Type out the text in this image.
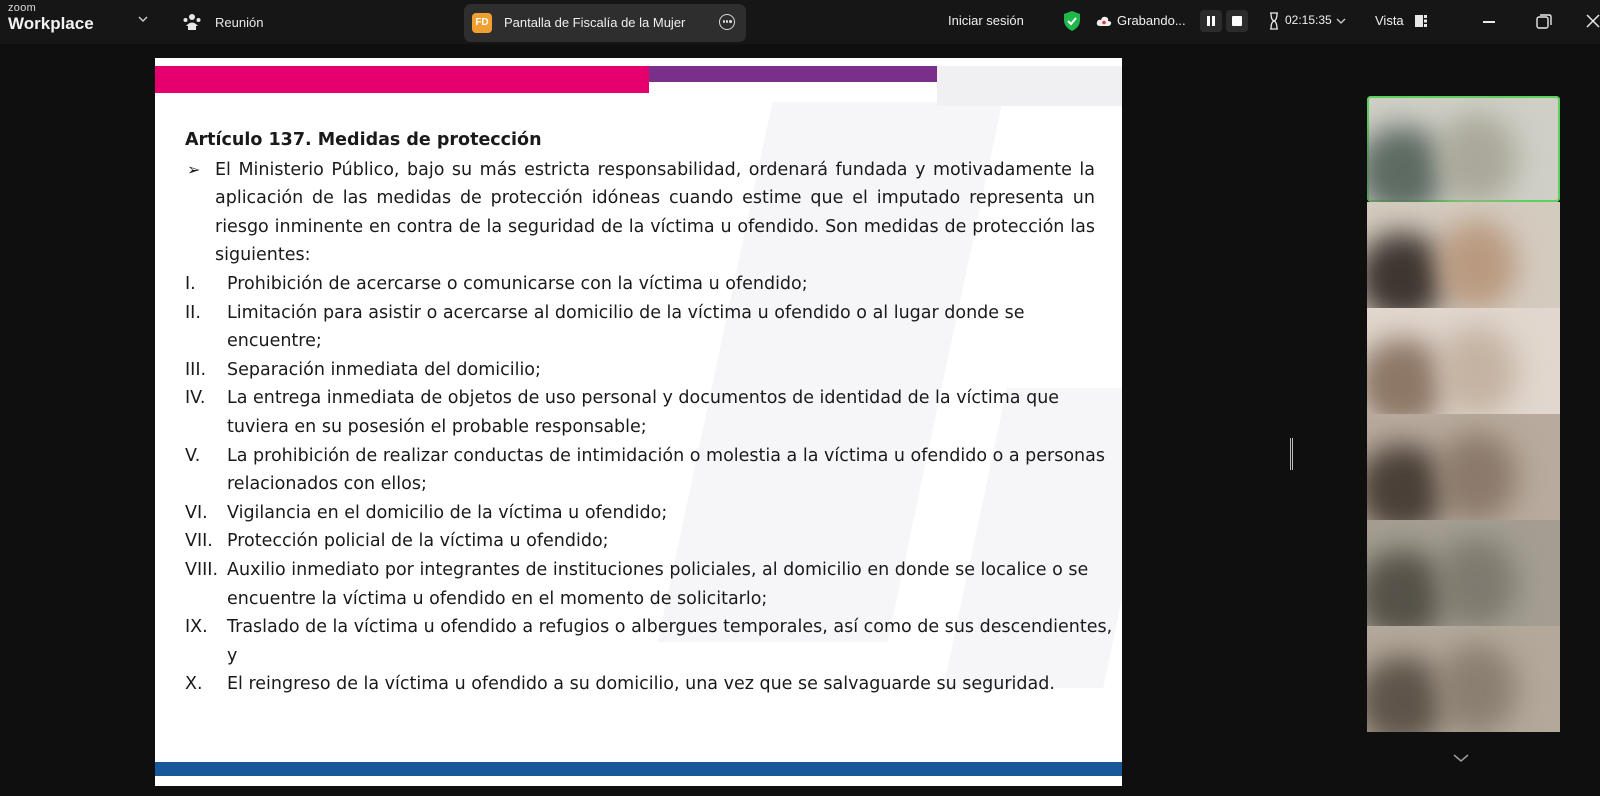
zoom
Workplace	Reunión	FD Pantalla de Fiscalía de la Mujer	Iniciar sesión	Grabando...	02:15:35	Vista
Artículo 137. Medidas de protección
➢ El Ministerio Público, bajo su más estricta responsabilidad, ordenará fundada y motivadamente la aplicación de las medidas de protección idóneas cuando estime que el imputado representa un riesgo inminente en contra de la seguridad de la víctima u ofendido. Son medidas de protección las siguientes:
I. Prohibición de acercarse o comunicarse con la víctima u ofendido;
II. Limitación para asistir o acercarse al domicilio de la víctima u ofendido o al lugar donde se encuentre;
III. Separación inmediata del domicilio;
IV. La entrega inmediata de objetos de uso personal y documentos de identidad de la víctima que tuviera en su posesión el probable responsable;
V. La prohibición de realizar conductas de intimidación o molestia a la víctima u ofendido o a personas relacionados con ellos;
VI. Vigilancia en el domicilio de la víctima u ofendido;
VII. Protección policial de la víctima u ofendido;
VIII. Auxilio inmediato por integrantes de instituciones policiales, al domicilio en donde se localice o se encuentre la víctima u ofendido en el momento de solicitarlo;
IX. Traslado de la víctima u ofendido a refugios o albergues temporales, así como de sus descendientes, y
X. El reingreso de la víctima u ofendido a su domicilio, una vez que se salvaguarde su seguridad.
